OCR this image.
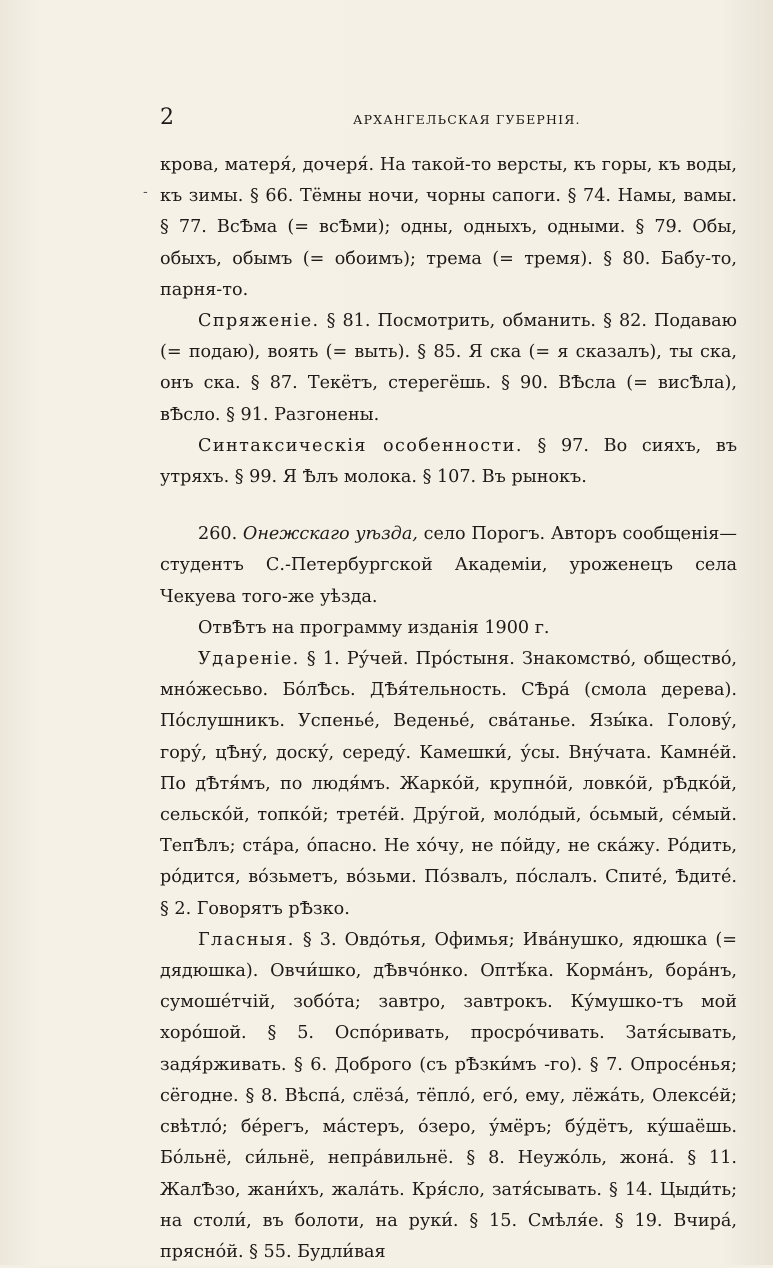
-
2	АРХАНГЕЛЬСКАЯ ГУБЕРНІЯ.

крова, матеря́, дочеря́. На такой-то версты, къ горы, къ воды, къ зимы. § 66. Тёмны ночи, чорны сапоги. § 74. Намы, вамы. § 77. ВсѢма (= всѢми); одны, одныхъ, одными. § 79. Обы, обыхъ, обымъ (= обоимъ); трема (= тремя). § 80. Бабу-то, парня-то.

Спряженіе. § 81. Посмотрить, обманить. § 82. Подаваю (= подаю), воять (= выть). § 85. Я ска (= я сказалъ), ты ска, онъ ска. § 87. Текётъ, стерегёшь. § 90. ВѢсла (= висѢла), вѢсло. § 91. Разгонены.

Синтаксическія особенности. § 97. Во сияхъ, въ утряхъ. § 99. Я Ѣлъ молока. § 107. Въ рынокъ.

260. Онежскаго уѣзда, село Порогъ. Авторъ сообщенія— студентъ С.-Петербургской Академіи, уроженецъ села Чекуева того-же уѣзда.

ОтвѢтъ на программу изданія 1900 г.

Удареніе. § 1. Ру́чей. Про́стыня. Знакомство́, общество́, мно́жесьво. Бо́лѢсь. ДѢя́тельность. СѢра́ (смола дерева). По́слушникъ. Успенье́, Веденье́, сва́танье. Язы́ка. Голову́, гору́, цѢну́, доску́, середу́. Камешки́, у́сы. Вну́чата. Камне́й. По дѢтя́мъ, по людя́мъ. Жарко́й, крупно́й, ловко́й, рѢдко́й, сельско́й, топко́й; трете́й. Дру́гой, моло́дый, о́сьмый, се́мый. ТепѢлъ; ста́ра, о́пасно. Не хо́чу, не по́йду, не ска́жу. Ро́дить, ро́дится, во́зьметъ, во́зьми. По́звалъ, по́слалъ. Спите́, Ѣдите́. § 2. Говорятъ рѢзко.

Гласныя. § 3. Овдо́тья, Офимья; Ива́нушко, ядюшка (= дядюшка). Овчи́шко, дѢвчо́нко. Оптѣ́ка. Корма́нъ, бора́нъ, сумоше́тчій, зобо́та; завтро, завтрокъ. Ку́мушко-тъ мой хоро́шой. § 5. Оспо́ривать, просро́чивать. Затя́сывать, задя́рживать. § 6. Доброго (съ рѢзки́мъ -го). § 7. Опросе́нья; сёгодне. § 8. Вѣспа́, слёза́, тёпло́, его́, ему, лёжа́ть, Олексе́й; свѣтло́; бе́регъ, ма́стеръ, о́зеро, у́мёръ; бу́дётъ, ку́шаёшь. Бо́льнё, си́льнё, непра́вильнё. § 8. Неужо́ль, жона́. § 11. ЖалѢзо, жани́хъ, жала́ть. Кря́сло, затя́сывать. § 14. Цыди́ть; на столи́, въ болоти, на руки́. § 15. Смѣля́е. § 19. Вчира́, прясно́й. § 55. Будли́вая
